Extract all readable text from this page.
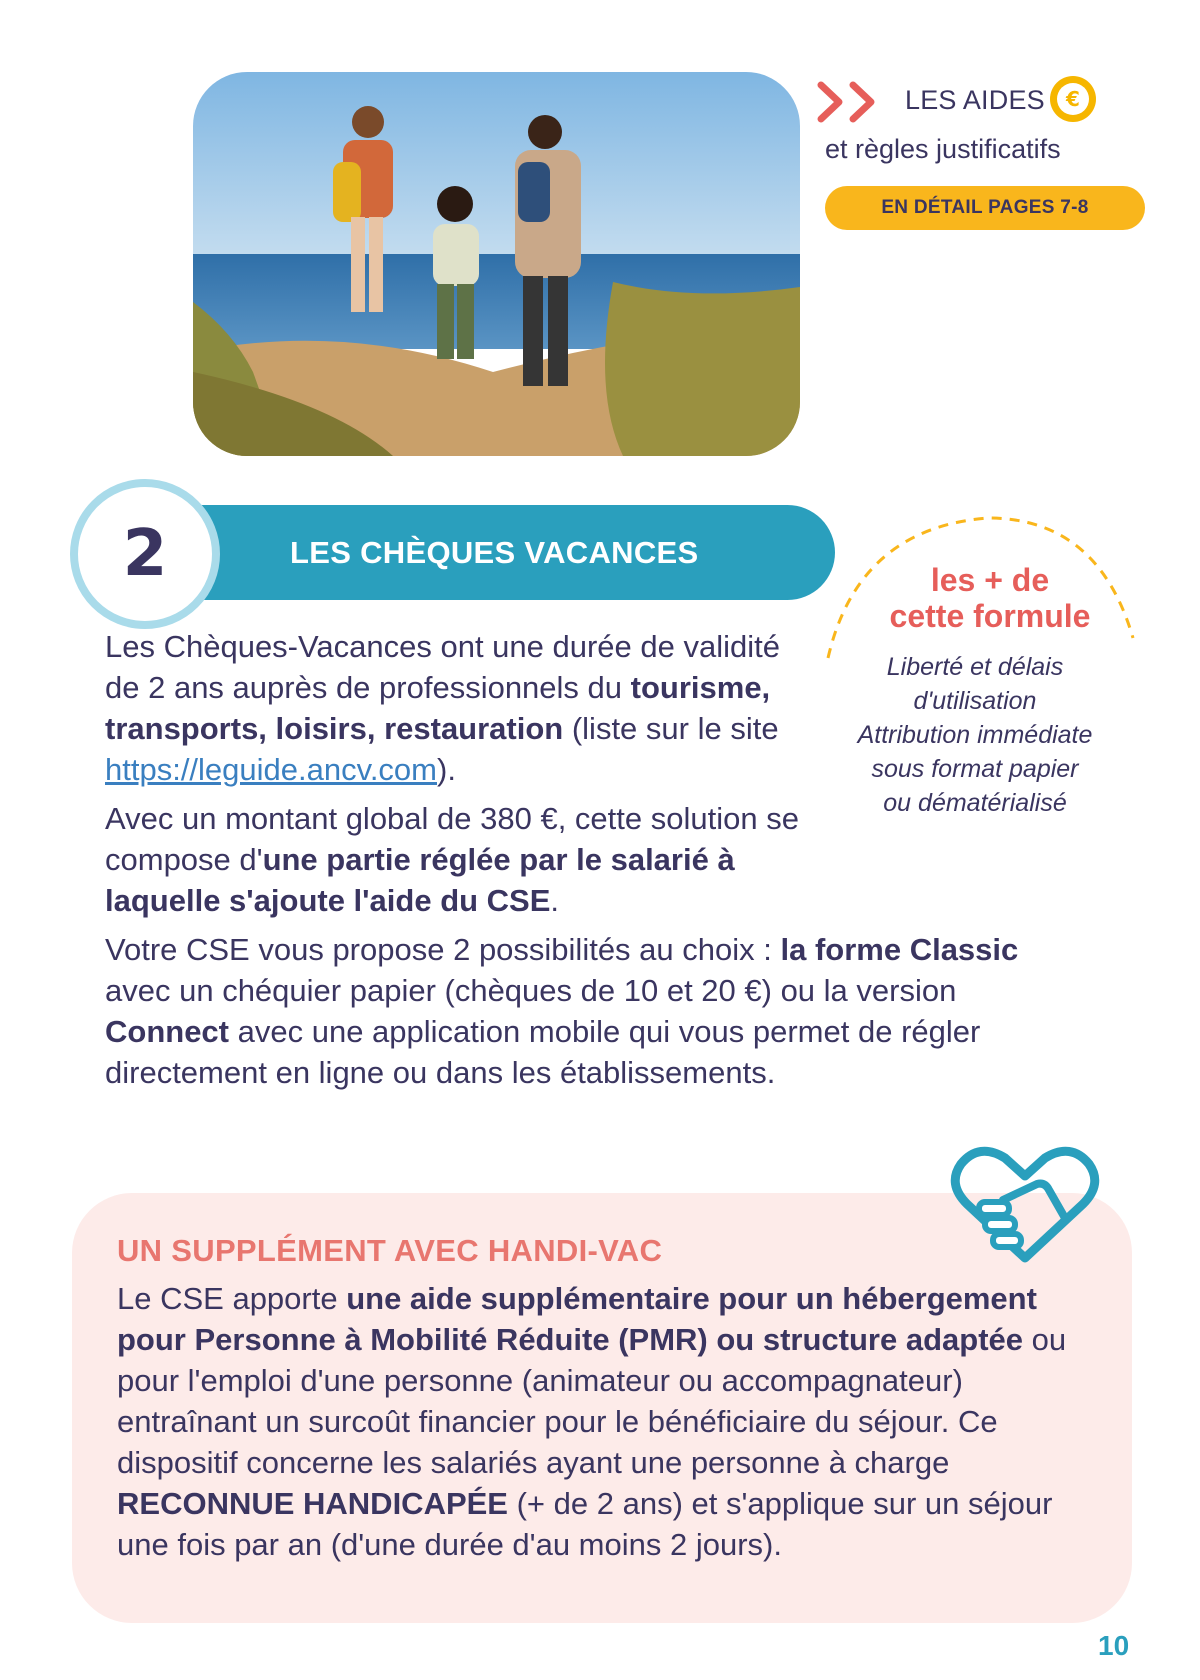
LES AIDES	€
et règles justificatifs
EN DÉTAIL PAGES 7-8
LES CHÈQUES VACANCES
2	les + de
cette formule
Liberté et délais
d'utilisation
Attribution immédiate
sous format papier
ou dématérialisé

Les Chèques-Vacances ont une durée de validité de 2 ans auprès de professionnels du tourisme, transports, loisirs, restauration (liste sur le site https://leguide.ancv.com).

Avec un montant global de 380 €, cette solution se compose d'une partie réglée par le salarié à laquelle s'ajoute l'aide du CSE.

Votre CSE vous propose 2 possibilités au choix : la forme Classic avec un chéquier papier (chèques de 10 et 20 €) ou la version Connect avec une application mobile qui vous permet de régler directement en ligne ou dans les établissements.

UN SUPPLÉMENT AVEC HANDI-VAC
Le CSE apporte une aide supplémentaire pour un hébergement pour Personne à Mobilité Réduite (PMR) ou structure adaptée ou pour l'emploi d'une personne (animateur ou accompagnateur) entraînant un surcoût financier pour le bénéficiaire du séjour. Ce dispositif concerne les salariés ayant une personne à charge RECONNUE HANDICAPÉE (+ de 2 ans) et s'applique sur un séjour une fois par an (d'une durée d'au moins 2 jours).
10
